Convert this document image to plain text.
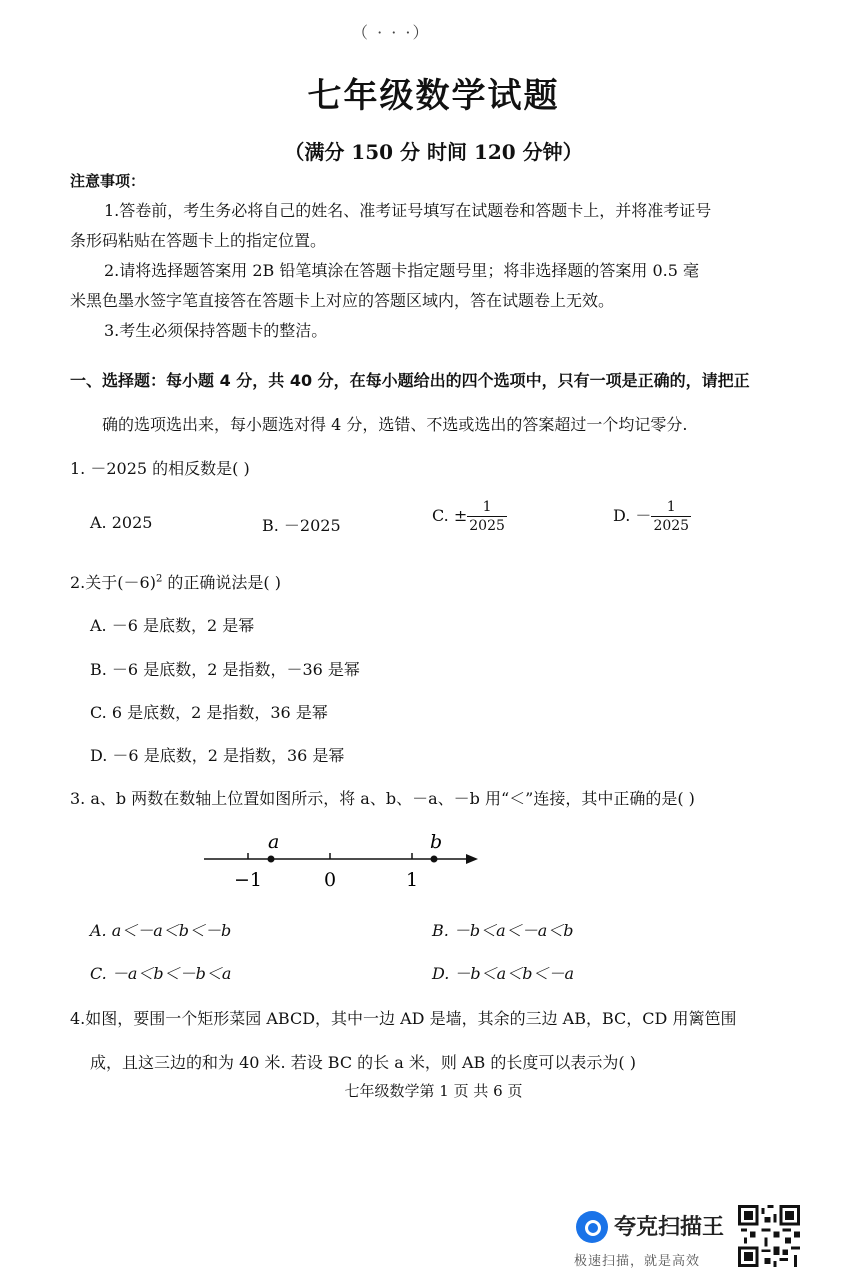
（ · · ·）
七年级数学试题
（满分 150 分 时间 120 分钟）
注意事项：
1.答卷前，考生务必将自己的姓名、准考证号填写在试题卷和答题卡上，并将准考证号
条形码粘贴在答题卡上的指定位置。
2.请将选择题答案用 2B 铅笔填涂在答题卡指定题号里；将非选择题的答案用 0.5 毫
米黑色墨水签字笔直接答在答题卡上对应的答题区域内，答在试题卷上无效。
3.考生必须保持答题卡的整洁。
一、选择题：每小题 4 分，共 40 分，在每小题给出的四个选项中，只有一项是正确的，请把正
确的选项选出来，每小题选对得 4 分，选错、不选或选出的答案超过一个均记零分.
1. －2025 的相反数是( )
A. 2025	B. －2025
C. ± $\frac{1}{2025}$	D. － $\frac{1}{2025}$
2.关于$(-6)^2$ 的正确说法是( )
A. －6 是底数，2 是幂
B. －6 是底数，2 是指数，－36 是幂
C. 6 是底数，2 是指数，36 是幂
D. －6 是底数，2 是指数，36 是幂
3. a、b 两数在数轴上位置如图所示，将 a、b、－a、－b 用“＜”连接，其中正确的是( )
a	b
−1	0	1
A. a＜－a＜b＜－b	B. －b＜a＜－a＜b
C. －a＜b＜－b＜a	D. －b＜a＜b＜－a
4.如图，要围一个矩形菜园 ABCD，其中一边 AD 是墙，其余的三边 AB，BC，CD 用篱笆围
成，且这三边的和为 40 米. 若设 BC 的长 a 米，则 AB 的长度可以表示为( )
七年级数学第 1 页 共 6 页
夸克扫描王
极速扫描，就是高效
